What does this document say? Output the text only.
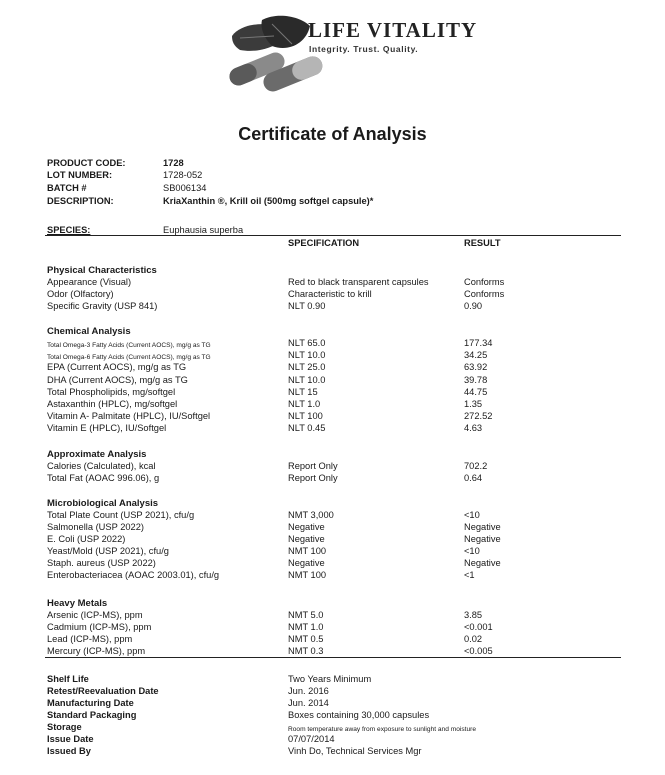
LIFE VITALITY
Integrity. Trust. Quality.
Certificate of Analysis
PRODUCT CODE:	1728
LOT NUMBER:	1728-052
BATCH #	SB006134
DESCRIPTION:	KriaXanthin ®, Krill oil (500mg softgel capsule)*
SPECIES:	Euphausia superba
SPECIFICATION	RESULT
Physical Characteristics
Appearance (Visual)	Red to black transparent capsules	Conforms
Odor (Olfactory)	Characteristic to krill	Conforms
Specific Gravity (USP 841)	NLT 0.90	0.90
Chemical Analysis
Total Omega-3 Fatty Acids (Current AOCS), mg/g as TG	NLT 65.0	177.34
Total Omega-6 Fatty Acids (Current AOCS), mg/g as TG	NLT 10.0	34.25
EPA (Current AOCS), mg/g as TG	NLT 25.0	63.92
DHA (Current AOCS), mg/g as TG	NLT 10.0	39.78
Total Phospholipids, mg/softgel	NLT 15	44.75
Astaxanthin (HPLC), mg/softgel	NLT 1.0	1.35
Vitamin A- Palmitate (HPLC), IU/Softgel	NLT 100	272.52
Vitamin E (HPLC), IU/Softgel	NLT 0.45	4.63
Approximate Analysis
Calories (Calculated), kcal	Report Only	702.2
Total Fat (AOAC 996.06), g	Report Only	0.64
Microbiological Analysis
Total Plate Count (USP 2021), cfu/g	NMT 3,000	<10
Salmonella (USP 2022)	Negative	Negative
E. Coli (USP 2022)	Negative	Negative
Yeast/Mold (USP 2021), cfu/g	NMT 100	<10
Staph. aureus (USP 2022)	Negative	Negative
Enterobacteriacea (AOAC 2003.01), cfu/g	NMT 100	<1
Heavy Metals
Arsenic (ICP-MS), ppm	NMT 5.0	3.85
Cadmium (ICP-MS), ppm	NMT 1.0	<0.001
Lead (ICP-MS), ppm	NMT 0.5	0.02
Mercury (ICP-MS), ppm	NMT 0.3	<0.005
Shelf Life	Two Years Minimum
Retest/Reevaluation Date	Jun. 2016
Manufacturing Date	Jun. 2014
Standard Packaging	Boxes containing 30,000 capsules
Storage	Room temperature away from exposure to sunlight and moisture
Issue Date	07/07/2014
Issued By	Vinh Do, Technical Services Mgr
